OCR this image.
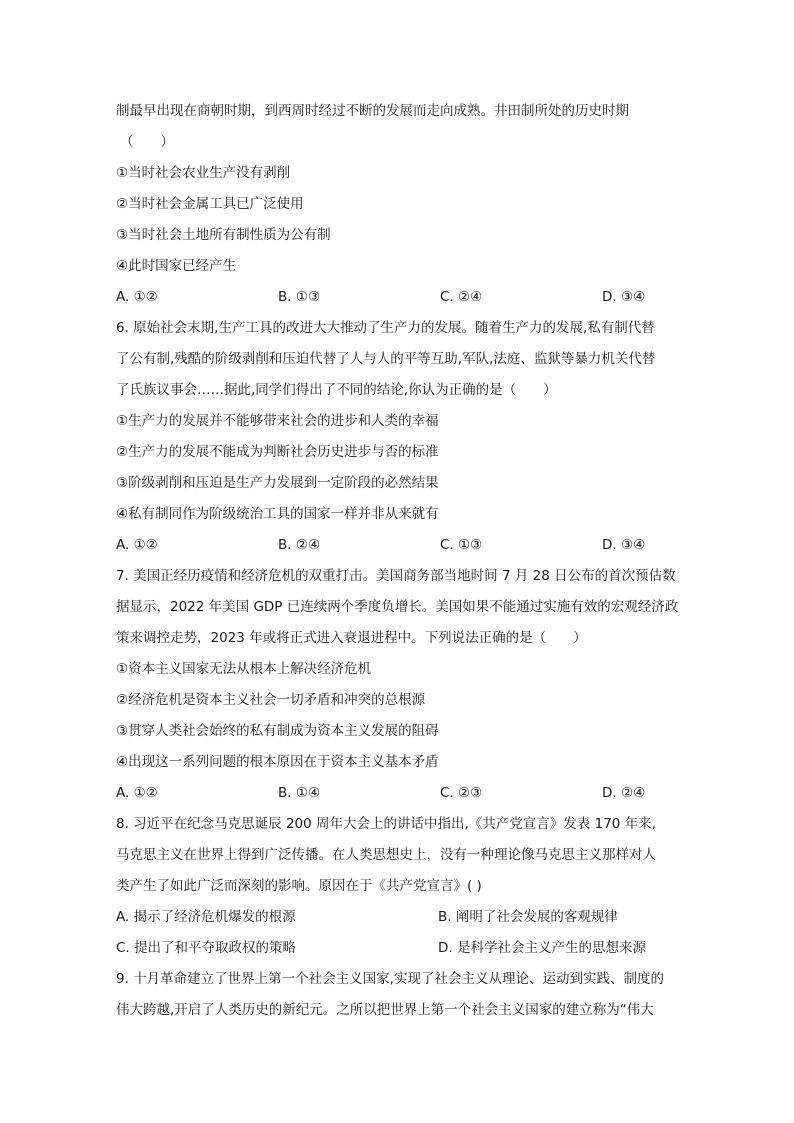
制最早出现在商朝时期，到西周时经过不断的发展而走向成熟。井田制所处的历史时期
（　　）
①当时社会农业生产没有剥削
②当时社会金属工具已广泛使用
③当时社会土地所有制性质为公有制
④此时国家已经产生
A. ①②	B. ①③	C. ②④	D. ③④
6. 原始社会末期,生产工具的改进大大推动了生产力的发展。随着生产力的发展,私有制代替
了公有制,残酷的阶级剥削和压迫代替了人与人的平等互助,军队,法庭、监狱等暴力机关代替
了氏族议事会……据此,同学们得出了不同的结论,你认为正确的是（　　）
①生产力的发展并不能够带来社会的进步和人类的幸福
②生产力的发展不能成为判断社会历史进步与否的标准
③阶级剥削和压迫是生产力发展到一定阶段的必然结果
④私有制同作为阶级统治工具的国家一样并非从来就有
A. ①②	B. ②④	C. ①③	D. ③④
7. 美国正经历疫情和经济危机的双重打击。美国商务部当地时间 7 月 28 日公布的首次预估数
据显示，2022 年美国 GDP 已连续两个季度负增长。美国如果不能通过实施有效的宏观经济政
策来调控走势，2023 年或将正式进入衰退进程中。下列说法正确的是（　　）
①资本主义国家无法从根本上解决经济危机
②经济危机是资本主义社会一切矛盾和冲突的总根源
③贯穿人类社会始终的私有制成为资本主义发展的阻碍
④出现这一系列问题的根本原因在于资本主义基本矛盾
A. ①②	B. ①④	C. ②③	D. ②④
8. 习近平在纪念马克思诞辰 200 周年大会上的讲话中指出,《共产党宣言》发表 170 年来,
马克思主义在世界上得到广泛传播。在人类思想史上，没有一种理论像马克思主义那样对人
类产生了如此广泛而深刻的影响。原因在于《共产党宣言》( )
A. 揭示了经济危机爆发的根源	B. 阐明了社会发展的客观规律
C. 提出了和平夺取政权的策略	D. 是科学社会主义产生的思想来源
9. 十月革命建立了世界上第一个社会主义国家,实现了社会主义从理论、运动到实践、制度的
伟大跨越,开启了人类历史的新纪元。之所以把世界上第一个社会主义国家的建立称为“伟大
